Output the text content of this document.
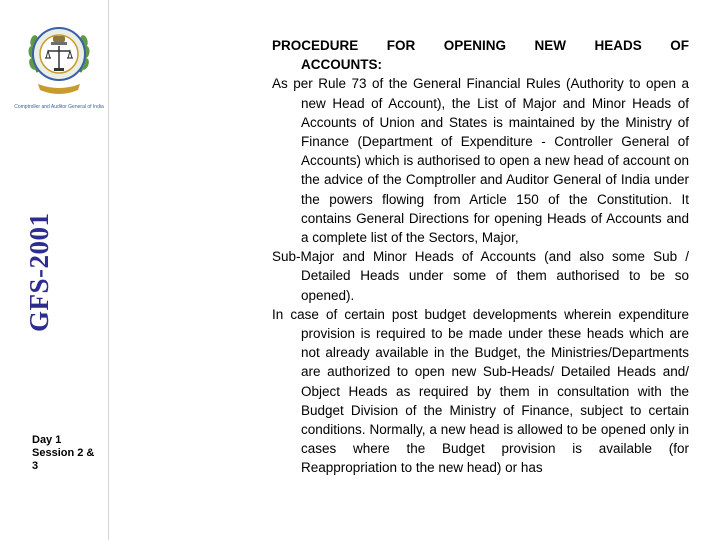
Comptroller and Auditor General of India
GFS-2001
Day 1
Session 2 &
3

PROCEDURE FOR OPENING NEW HEADS OF
ACCOUNTS:

As per Rule 73 of the General Financial Rules (Authority to open a new Head of Account), the List of Major and Minor Heads of Accounts of Union and States is maintained by the Ministry of Finance (Department of Expenditure - Controller General of Accounts) which is authorised to open a new head of account on the advice of the Comptroller and Auditor General of India under the powers flowing from Article 150 of the Constitution. It contains General Directions for opening Heads of Accounts and a complete list of the Sectors, Major,

Sub-Major and Minor Heads of Accounts (and also some Sub / Detailed Heads under some of them authorised to be so opened).

In case of certain post budget developments wherein expenditure provision is required to be made under these heads which are not already available in the Budget, the Ministries/Departments are authorized to open new Sub-Heads/ Detailed Heads and/ Object Heads as required by them in consultation with the Budget Division of the Ministry of Finance, subject to certain conditions. Normally, a new head is allowed to be opened only in cases where the Budget provision is available (for Reappropriation to the new head) or has
